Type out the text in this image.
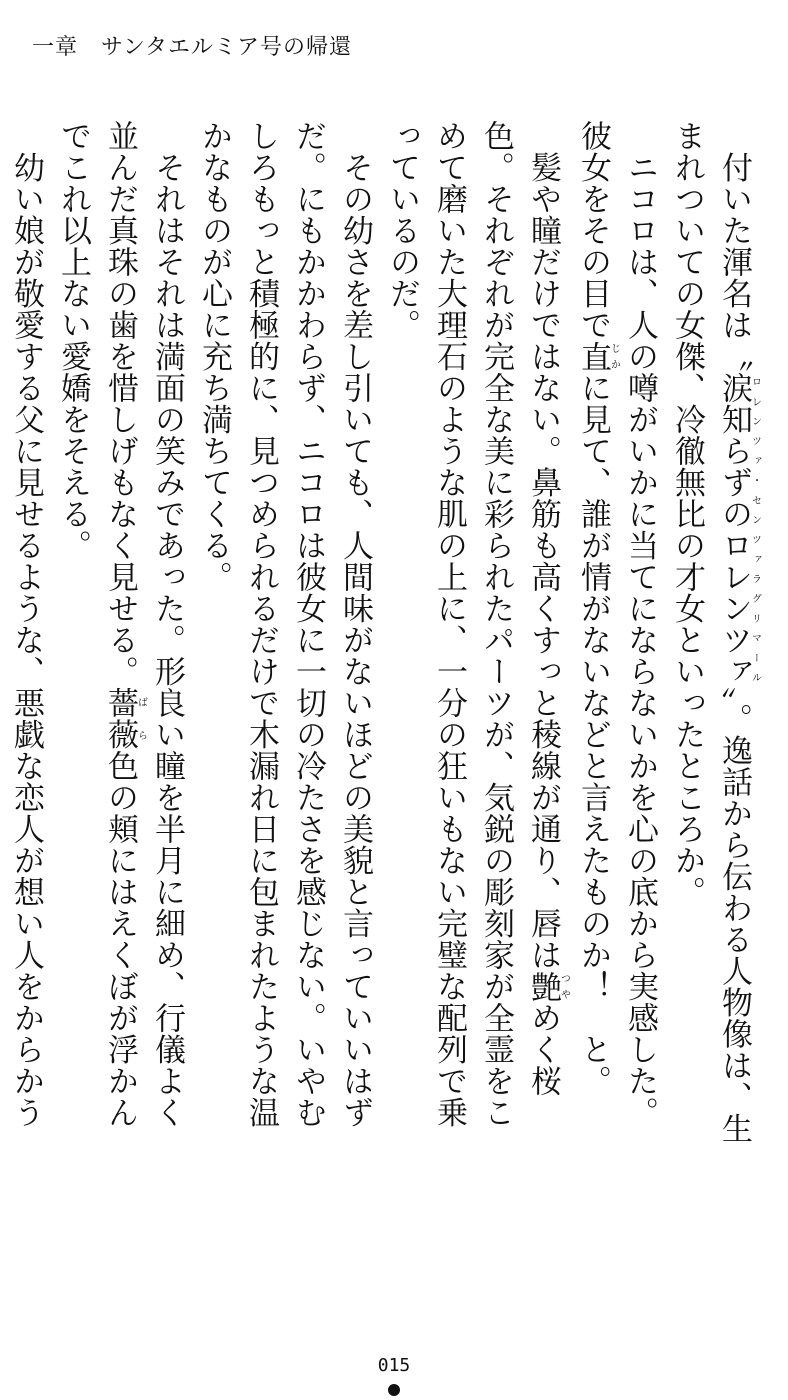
一章　サンタエルミア号の帰還

　付いた渾名は〝涙知らずのロレンツァロレンツァ・センツァラグリマール〟。逸話から伝わる人物像は、生まれついての女傑、冷徹無比の才女といったところか。

　ニコロは、人の噂がいかに当てにならないかを心の底から実感した。彼女をその目で直じかに見て、誰が情がないなどと言えたものか！　と。

　髪や瞳だけではない。鼻筋も高くすっと稜線が通り、唇は艶つやめく桜色。それぞれが完全な美に彩られたパーツが、気鋭の彫刻家が全霊をこめて磨いた大理石のような肌の上に、一分の狂いもない完璧な配列で乗っているのだ。

　その幼さを差し引いても、人間味がないほどの美貌と言っていいはずだ。にもかかわらず、ニコロは彼女に一切の冷たさを感じない。いやむしろもっと積極的に、見つめられるだけで木漏れ日に包まれたような温かなものが心に充ち満ちてくる。

　それはそれは満面の笑みであった。形良い瞳を半月に細め、行儀よく並んだ真珠の歯を惜しげもなく見せる。薔薇ばら色の頬にはえくぼが浮かんでこれ以上ない愛嬌をそえる。

　幼い娘が敬愛する父に見せるような、悪戯な恋人が想い人をからかう

015
